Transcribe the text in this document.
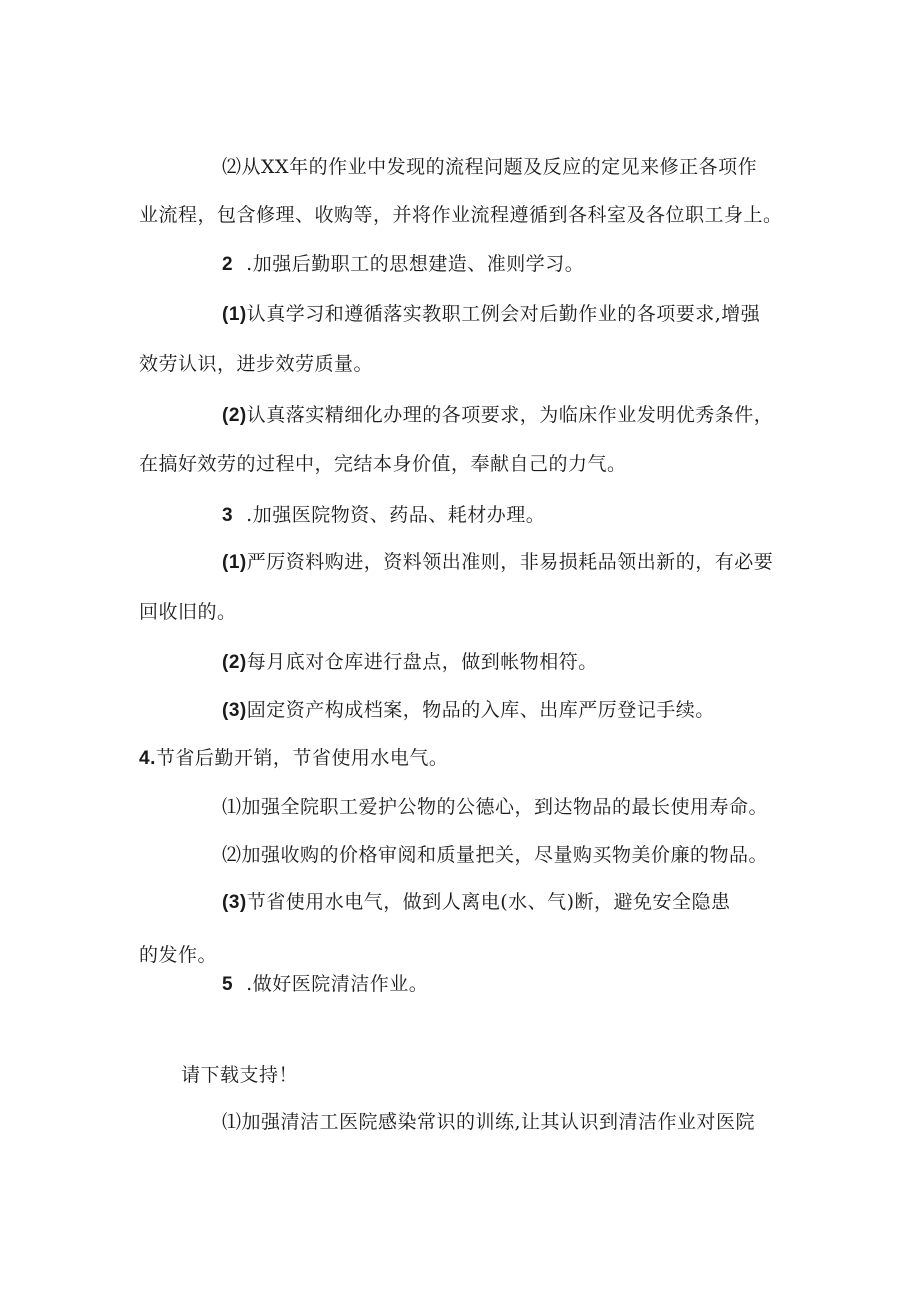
⑵从XX年的作业中发现的流程问题及反应的定见来修正各项作
业流程，包含修理、收购等，并将作业流程遵循到各科室及各位职工身上。
2 .加强后勤职工的思想建造、准则学习。
(1)认真学习和遵循落实教职工例会对后勤作业的各项要求,增强
效劳认识，进步效劳质量。
(2)认真落实精细化办理的各项要求，为临床作业发明优秀条件，
在搞好效劳的过程中，完结本身价值，奉献自己的力气。
3 .加强医院物资、药品、耗材办理。
(1)严厉资料购进，资料领出准则，非易损耗品领出新的，有必要
回收旧的。
(2)每月底对仓库进行盘点，做到帐物相符。
(3)固定资产构成档案，物品的入库、出库严厉登记手续。
4.节省后勤开销，节省使用水电气。
⑴加强全院职工爱护公物的公德心，到达物品的最长使用寿命。
⑵加强收购的价格审阅和质量把关，尽量购买物美价廉的物品。
(3)节省使用水电气，做到人离电(水、气)断，避免安全隐患
的发作。
5 .做好医院清洁作业。
请下载支持！
⑴加强清洁工医院感染常识的训练,让其认识到清洁作业对医院
